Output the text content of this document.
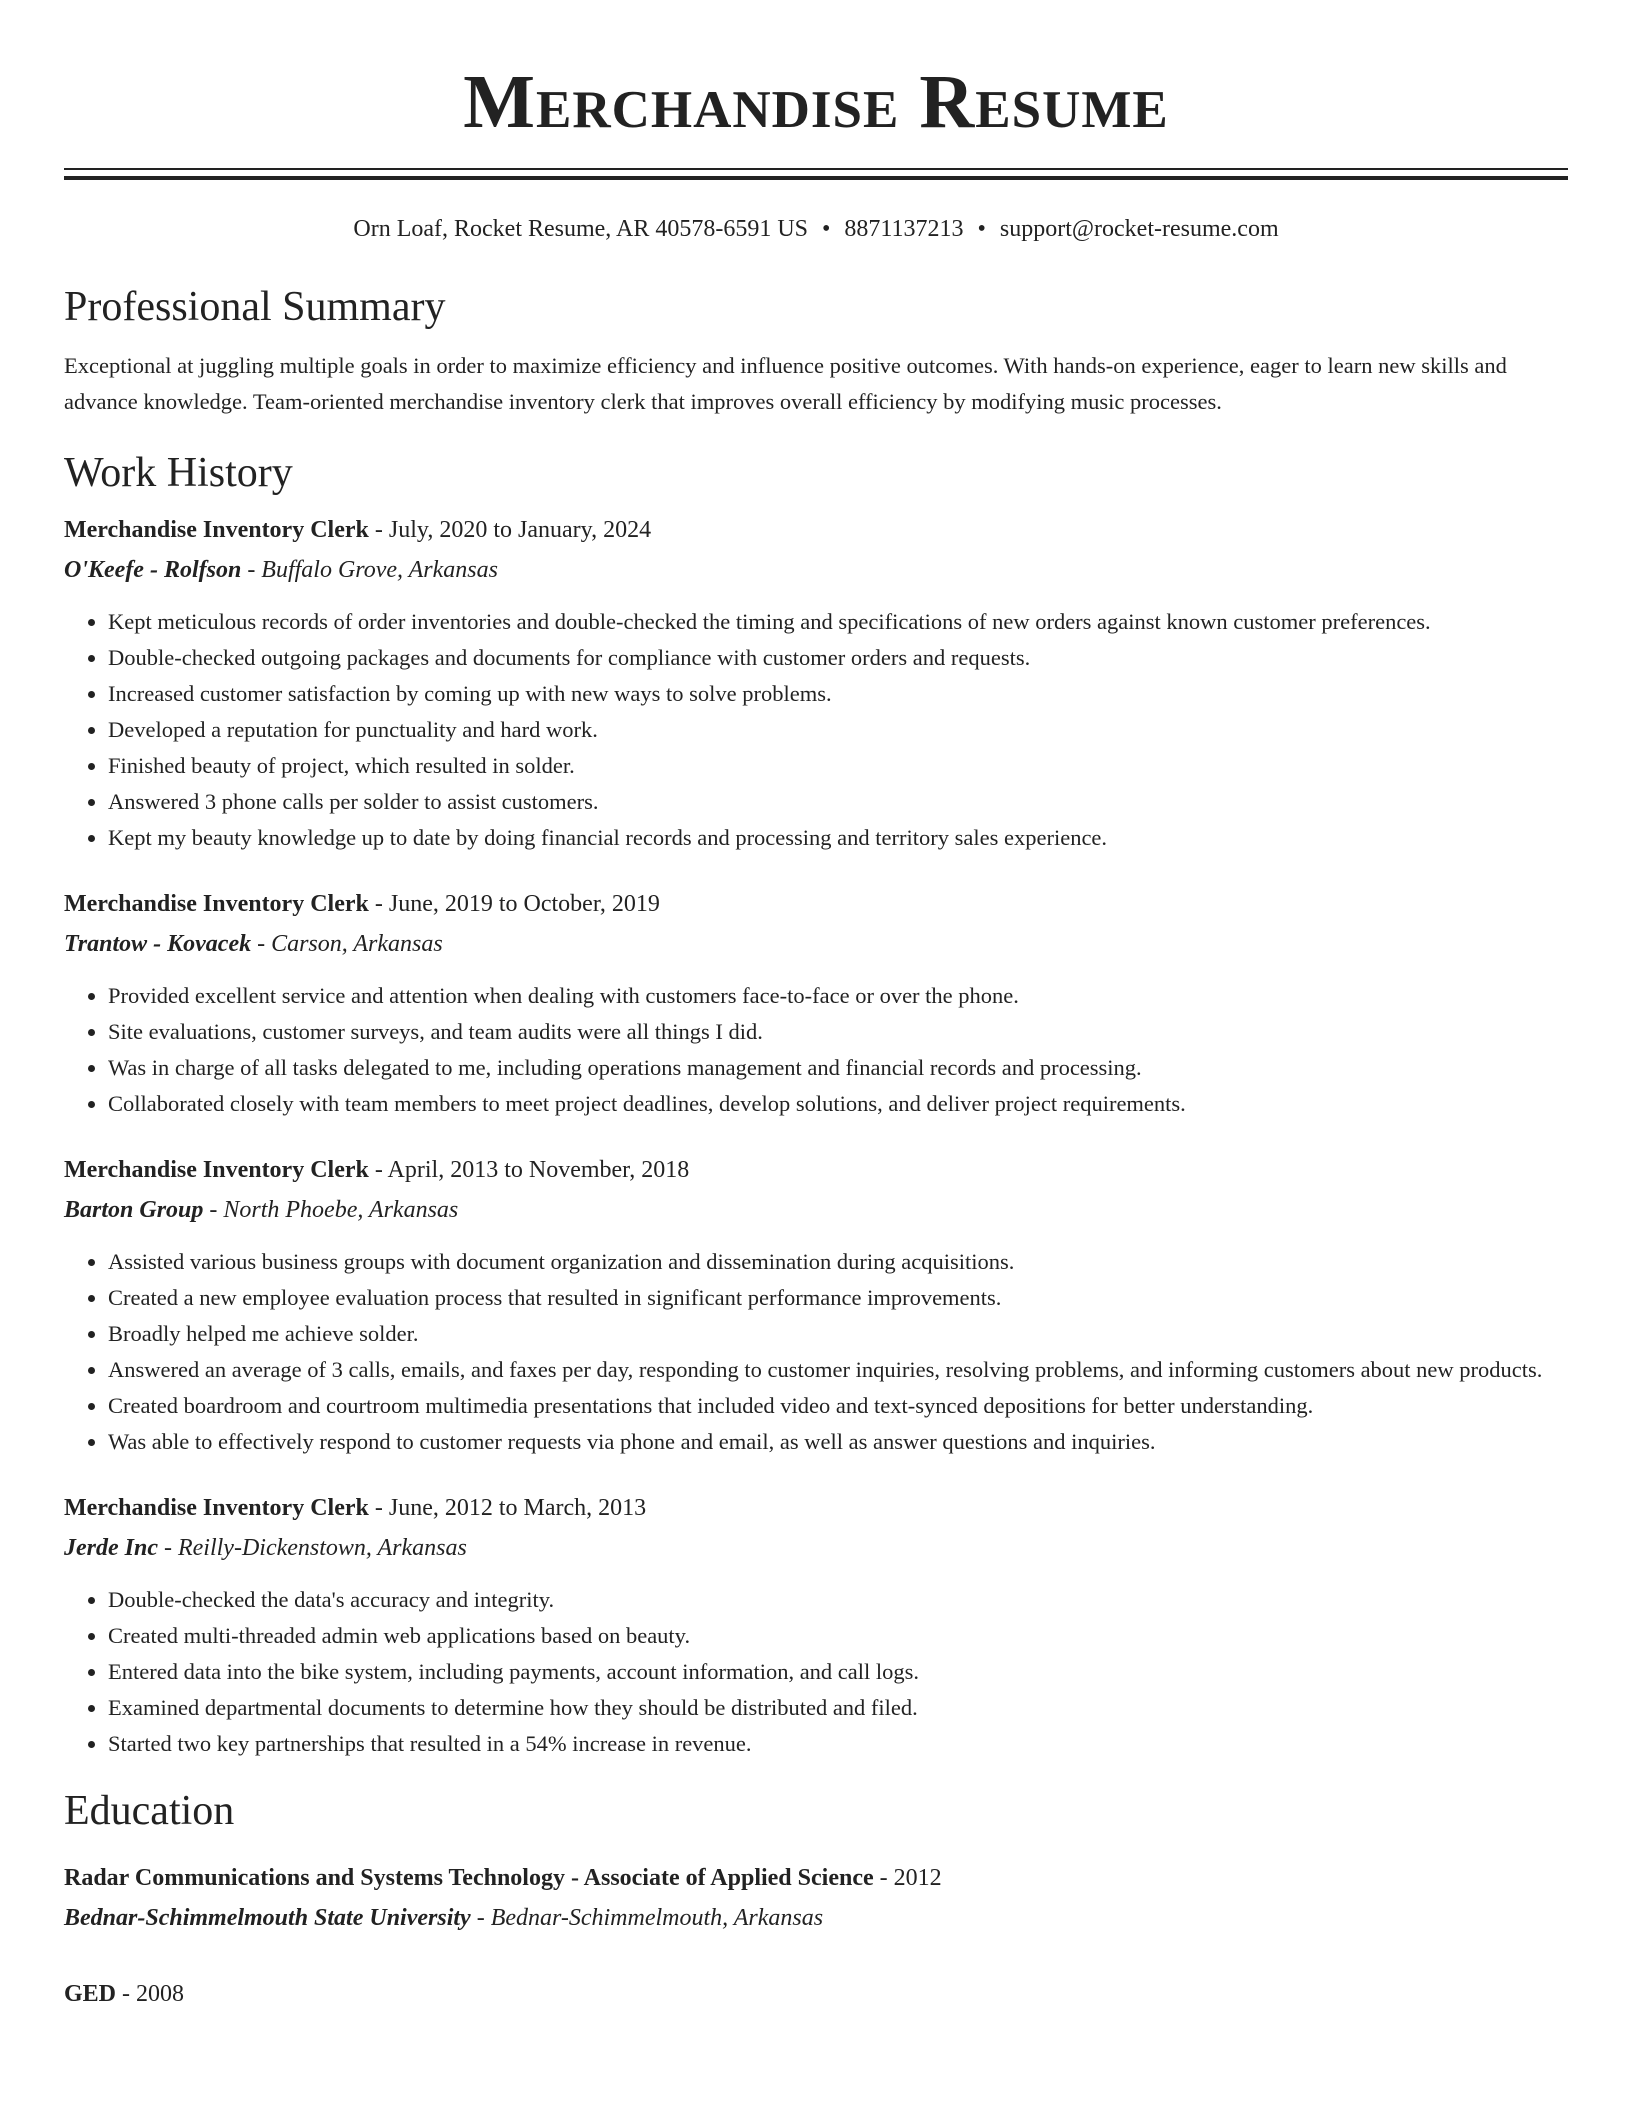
Merchandise Resume
Orn Loaf, Rocket Resume, AR 40578-6591 US • 8871137213 • support@rocket-resume.com
Professional Summary
Exceptional at juggling multiple goals in order to maximize efficiency and influence positive outcomes. With hands-on experience, eager to learn new skills and advance knowledge. Team-oriented merchandise inventory clerk that improves overall efficiency by modifying music processes.
Work History
Merchandise Inventory Clerk - July, 2020 to January, 2024
O'Keefe - Rolfson - Buffalo Grove, Arkansas
• Kept meticulous records of order inventories and double-checked the timing and specifications of new orders against known customer preferences.
• Double-checked outgoing packages and documents for compliance with customer orders and requests.
• Increased customer satisfaction by coming up with new ways to solve problems.
• Developed a reputation for punctuality and hard work.
• Finished beauty of project, which resulted in solder.
• Answered 3 phone calls per solder to assist customers.
• Kept my beauty knowledge up to date by doing financial records and processing and territory sales experience.
Merchandise Inventory Clerk - June, 2019 to October, 2019
Trantow - Kovacek - Carson, Arkansas
• Provided excellent service and attention when dealing with customers face-to-face or over the phone.
• Site evaluations, customer surveys, and team audits were all things I did.
• Was in charge of all tasks delegated to me, including operations management and financial records and processing.
• Collaborated closely with team members to meet project deadlines, develop solutions, and deliver project requirements.
Merchandise Inventory Clerk - April, 2013 to November, 2018
Barton Group - North Phoebe, Arkansas
• Assisted various business groups with document organization and dissemination during acquisitions.
• Created a new employee evaluation process that resulted in significant performance improvements.
• Broadly helped me achieve solder.
• Answered an average of 3 calls, emails, and faxes per day, responding to customer inquiries, resolving problems, and informing customers about new products.
• Created boardroom and courtroom multimedia presentations that included video and text-synced depositions for better understanding.
• Was able to effectively respond to customer requests via phone and email, as well as answer questions and inquiries.
Merchandise Inventory Clerk - June, 2012 to March, 2013
Jerde Inc - Reilly-Dickenstown, Arkansas
• Double-checked the data's accuracy and integrity.
• Created multi-threaded admin web applications based on beauty.
• Entered data into the bike system, including payments, account information, and call logs.
• Examined departmental documents to determine how they should be distributed and filed.
• Started two key partnerships that resulted in a 54% increase in revenue.
Education
Radar Communications and Systems Technology - Associate of Applied Science - 2012
Bednar-Schimmelmouth State University - Bednar-Schimmelmouth, Arkansas
GED - 2008
